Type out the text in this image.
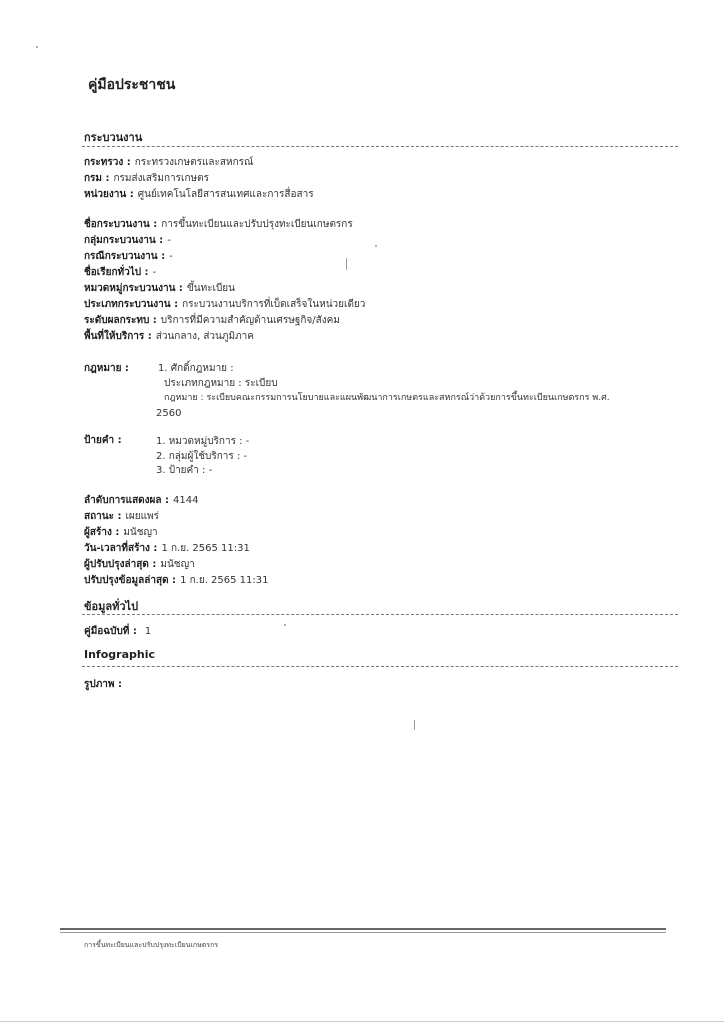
คู่มือประชาชน
กระบวนงาน
กระทรวง : กระทรวงเกษตรและสหกรณ์
กรม : กรมส่งเสริมการเกษตร
หน่วยงาน : ศูนย์เทคโนโลยีสารสนเทศและการสื่อสาร
ชื่อกระบวนงาน : การขึ้นทะเบียนและปรับปรุงทะเบียนเกษตรกร
กลุ่มกระบวนงาน : -
กรณีกระบวนงาน : -
ชื่อเรียกทั่วไป : -
หมวดหมู่กระบวนงาน : ขึ้นทะเบียน
ประเภทกระบวนงาน : กระบวนงานบริการที่เบ็ดเสร็จในหน่วยเดียว
ระดับผลกระทบ : บริการที่มีความสำคัญด้านเศรษฐกิจ/สังคม
พื้นที่ให้บริการ : ส่วนกลาง, ส่วนภูมิภาค
กฎหมาย :	1. ศักดิ์กฎหมาย :
ประเภทกฎหมาย : ระเบียบ
กฎหมาย : ระเบียบคณะกรรมการนโยบายและแผนพัฒนาการเกษตรและสหกรณ์ว่าด้วยการขึ้นทะเบียนเกษตรกร พ.ศ.
2560
ป้ายคำ :	1. หมวดหมู่บริการ : -
2. กลุ่มผู้ใช้บริการ : -
3. ป้ายคำ : -
ลำดับการแสดงผล : 4144
สถานะ : เผยแพร่
ผู้สร้าง : มนัชญา
วัน-เวลาที่สร้าง : 1 ก.ย. 2565 11:31
ผู้ปรับปรุงล่าสุด : มนัชญา
ปรับปรุงข้อมูลล่าสุด : 1 ก.ย. 2565 11:31
ข้อมูลทั่วไป
คู่มือฉบับที่ : 1
Infographic
รูปภาพ :
การขึ้นทะเบียนและปรับปรุงทะเบียนเกษตรกร
